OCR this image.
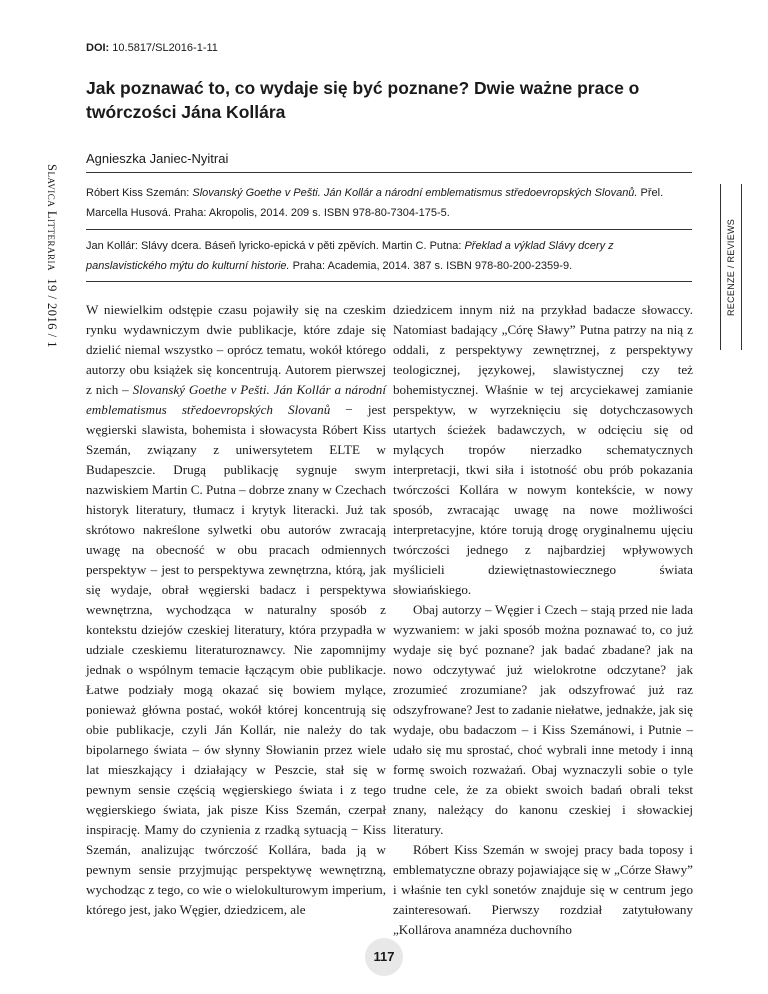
DOI: 10.5817/SL2016-1-11
Jak poznawać to, co wydaje się być poznane? Dwie ważne prace o twórczości Jána Kollára
Agnieszka Janiec-Nyitrai
Slavica Litteraria  19 / 2016 / 1	RECENZE / REVIEWS
Róbert Kiss Szemán: Slovanský Goethe v Pešti. Ján Kollár a národní emblematismus středoevropských Slovanů. Přel. Marcella Husová. Praha: Akropolis, 2014. 209 s. ISBN 978-80-7304-175-5.
Jan Kollár: Slávy dcera. Báseň lyricko-epická v pěti zpěvích. Martin C. Putna: Překlad a výklad Slávy dcery z panslavistického mýtu do kulturní historie. Praha: Academia, 2014. 387 s. ISBN 978-80-200-2359-9.

W niewielkim odstępie czasu pojawiły się na czeskim rynku wydawniczym dwie publikacje, które zdaje się dzielić niemal wszystko – oprócz tematu, wokół którego autorzy obu książek się koncentrują. Autorem pierwszej z nich – Slovanský Goethe v Pešti. Ján Kollár a národní emblematismus středoevropských Slovanů − jest węgierski slawista, bohemista i słowacysta Róbert Kiss Szemán, związany z uniwersytetem ELTE w Budapeszcie. Drugą publikację sygnuje swym nazwiskiem Martin C. Putna – dobrze znany w Czechach historyk literatury, tłumacz i krytyk literacki. Już tak skrótowo nakreślone sylwetki obu autorów zwracają uwagę na obecność w obu pracach odmiennych perspektyw – jest to perspektywa zewnętrzna, którą, jak się wydaje, obrał węgierski badacz i perspektywa wewnętrzna, wychodząca w naturalny sposób z kontekstu dziejów czeskiej literatury, która przypadła w udziale czeskiemu literaturoznawcy. Nie zapomnijmy jednak o wspólnym temacie łączącym obie publikacje. Łatwe podziały mogą okazać się bowiem mylące, ponieważ główna postać, wokół której koncentrują się obie publikacje, czyli Ján Kollár, nie należy do tak bipolarnego świata – ów słynny Słowianin przez wiele lat mieszkający i działający w Peszcie, stał się w pewnym sensie częścią węgierskiego świata i z tego węgierskiego świata, jak pisze Kiss Szemán, czerpał inspirację. Mamy do czynienia z rzadką sytuacją − Kiss Szemán, analizując twórczość Kollára, bada ją w pewnym sensie przyjmując perspektywę wewnętrzną, wychodząc z tego, co wie o wielokulturowym imperium, którego jest, jako Węgier, dziedzicem, ale

dziedzicem innym niż na przykład badacze słowaccy. Natomiast badający „Córę Sławy” Putna patrzy na nią z oddali, z perspektywy zewnętrznej, z perspektywy teologicznej, językowej, slawistycznej czy też bohemistycznej. Właśnie w tej arcyciekawej zamianie perspektyw, w wyrzeknięciu się dotychczasowych utartych ścieżek badawczych, w odcięciu się od mylących tropów nierzadko schematycznych interpretacji, tkwi siła i istotność obu prób pokazania twórczości Kollára w nowym kontekście, w nowy sposób, zwracając uwagę na nowe możliwości interpretacyjne, które torują drogę oryginalnemu ujęciu twórczości jednego z najbardziej wpływowych myślicieli dziewiętnastowiecznego świata słowiańskiego.

Obaj autorzy – Węgier i Czech – stają przed nie lada wyzwaniem: w jaki sposób można poznawać to, co już wydaje się być poznane? jak badać zbadane? jak na nowo odczytywać już wielokrotne odczytane? jak zrozumieć zrozumiane? jak odszyfrować już raz odszyfrowane? Jest to zadanie niełatwe, jednakże, jak się wydaje, obu badaczom – i Kiss Szemánowi, i Putnie – udało się mu sprostać, choć wybrali inne metody i inną formę swoich rozważań. Obaj wyznaczyli sobie o tyle trudne cele, że za obiekt swoich badań obrali tekst znany, należący do kanonu czeskiej i słowackiej literatury.

Róbert Kiss Szemán w swojej pracy bada toposy i emblematyczne obrazy pojawiające się w „Córze Sławy” i właśnie ten cykl sonetów znajduje się w centrum jego zainteresowań. Pierwszy rozdział zatytułowany „Kollárova anamnéza duchovního

117
